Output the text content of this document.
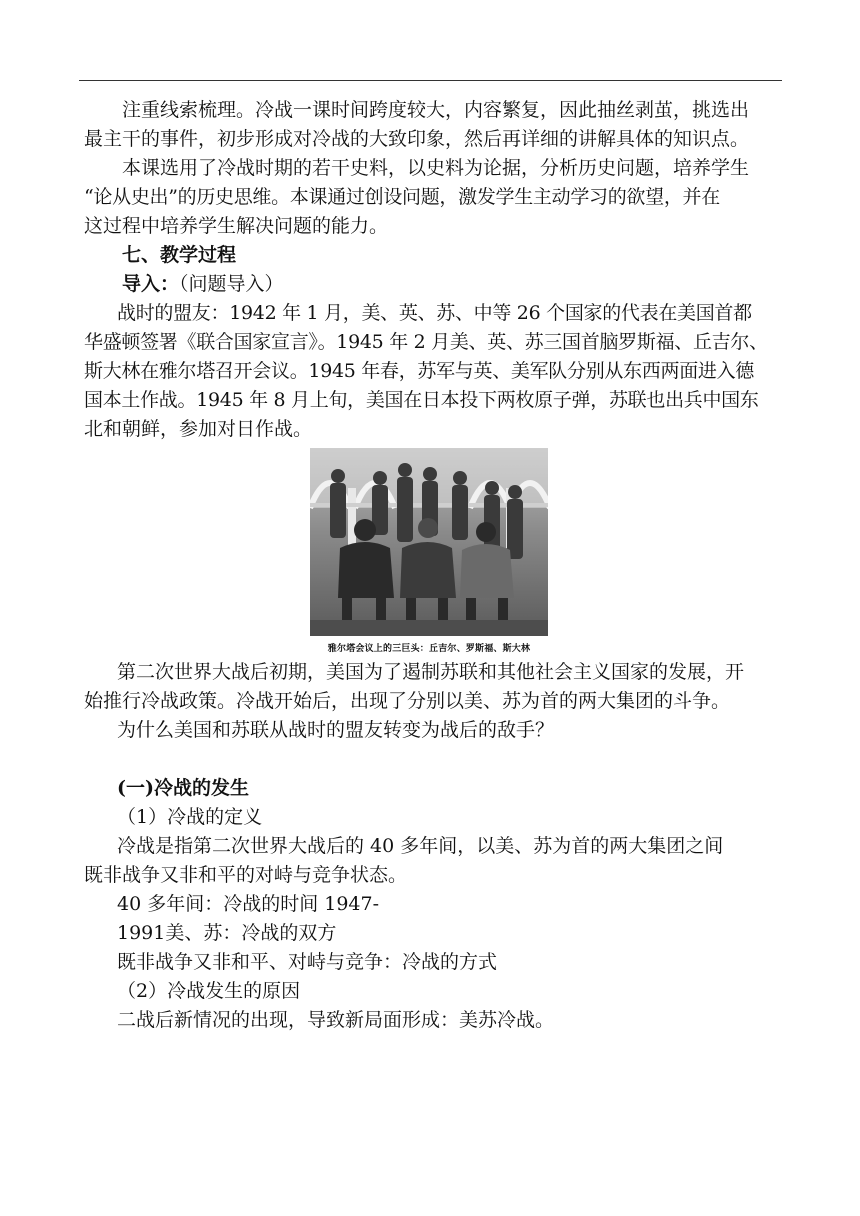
注重线索梳理。冷战一课时间跨度较大，内容繁复，因此抽丝剥茧，挑选出
最主干的事件，初步形成对冷战的大致印象，然后再详细的讲解具体的知识点。
本课选用了冷战时期的若干史料，以史料为论据，分析历史问题，培养学生
“论从史出”的历史思维。本课通过创设问题，激发学生主动学习的欲望，并在
这过程中培养学生解决问题的能力。
七、教学过程
导入：（问题导入）
战时的盟友：1942 年 1 月，美、英、苏、中等 26 个国家的代表在美国首都
华盛顿签署《联合国家宣言》。1945 年 2 月美、英、苏三国首脑罗斯福、丘吉尔、
斯大林在雅尔塔召开会议。1945 年春，苏军与英、美军队分别从东西两面进入德
国本土作战。1945 年 8 月上旬，美国在日本投下两枚原子弹，苏联也出兵中国东
北和朝鲜，参加对日作战。
雅尔塔会议上的三巨头：丘吉尔、罗斯福、斯大林
第二次世界大战后初期，美国为了遏制苏联和其他社会主义国家的发展，开
始推行冷战政策。冷战开始后，出现了分别以美、苏为首的两大集团的斗争。
为什么美国和苏联从战时的盟友转变为战后的敌手？
(一)冷战的发生
（1）冷战的定义
冷战是指第二次世界大战后的 40 多年间，以美、苏为首的两大集团之间
既非战争又非和平的对峙与竞争状态。
40 多年间：冷战的时间 1947-
1991美、苏：冷战的双方
既非战争又非和平、对峙与竞争：冷战的方式
（2）冷战发生的原因
二战后新情况的出现，导致新局面形成：美苏冷战。
